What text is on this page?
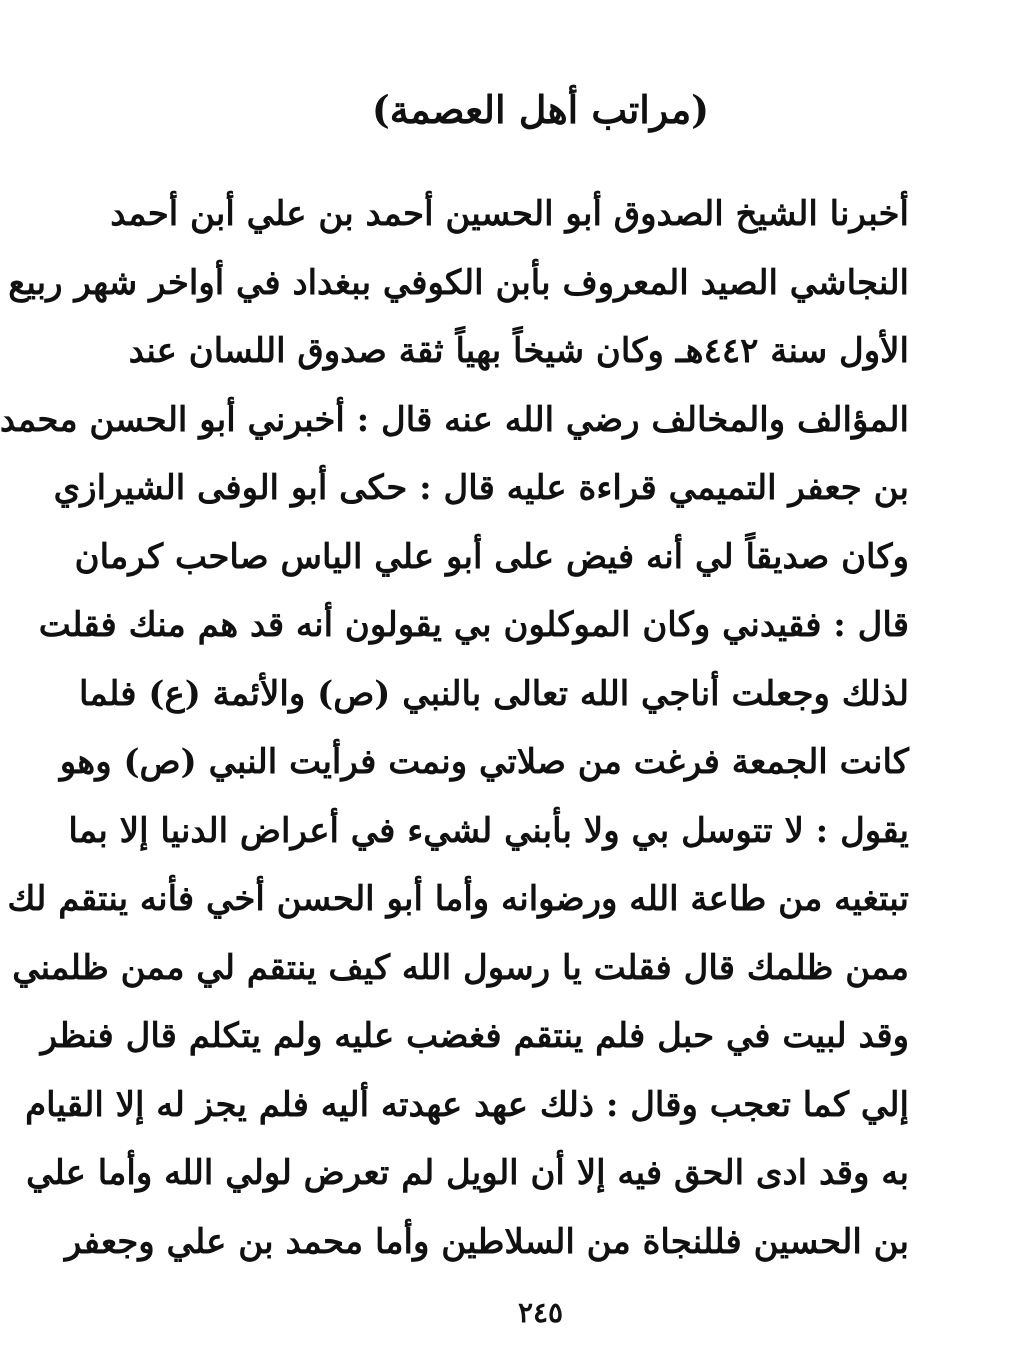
(مراتب أهل العصمة)
أخبرنا الشيخ الصدوق أبو الحسين أحمد بن علي أبن أحمد
النجاشي الصيد المعروف بأبن الكوفي ببغداد في أواخر شهر ربيع
الأول سنة ٤٤٢هـ وكان شيخاً بهياً ثقة صدوق اللسان عند
المؤالف والمخالف رضي الله عنه قال : أخبرني أبو الحسن محمد
بن جعفر التميمي قراءة عليه قال : حكى أبو الوفى الشيرازي
وكان صديقاً لي أنه فيض على أبو علي الياس صاحب كرمان
قال : فقيدني وكان الموكلون بي يقولون أنه قد هم منك فقلت
لذلك وجعلت أناجي الله تعالى بالنبي (ص) والأئمة (ع) فلما
كانت الجمعة فرغت من صلاتي ونمت فرأيت النبي (ص) وهو
يقول : لا تتوسل بي ولا بأبني لشيء في أعراض الدنيا إلا بما
تبتغيه من طاعة الله ورضوانه وأما أبو الحسن أخي فأنه ينتقم لك
ممن ظلمك قال فقلت يا رسول الله كيف ينتقم لي ممن ظلمني
وقد لبيت في حبل فلم ينتقم فغضب عليه ولم يتكلم قال فنظر
إلي كما تعجب وقال : ذلك عهد عهدته أليه فلم يجز له إلا القيام
به وقد ادى الحق فيه إلا أن الويل لم تعرض لولي الله وأما علي
بن الحسين فللنجاة من السلاطين وأما محمد بن علي وجعفر
٢٤٥
